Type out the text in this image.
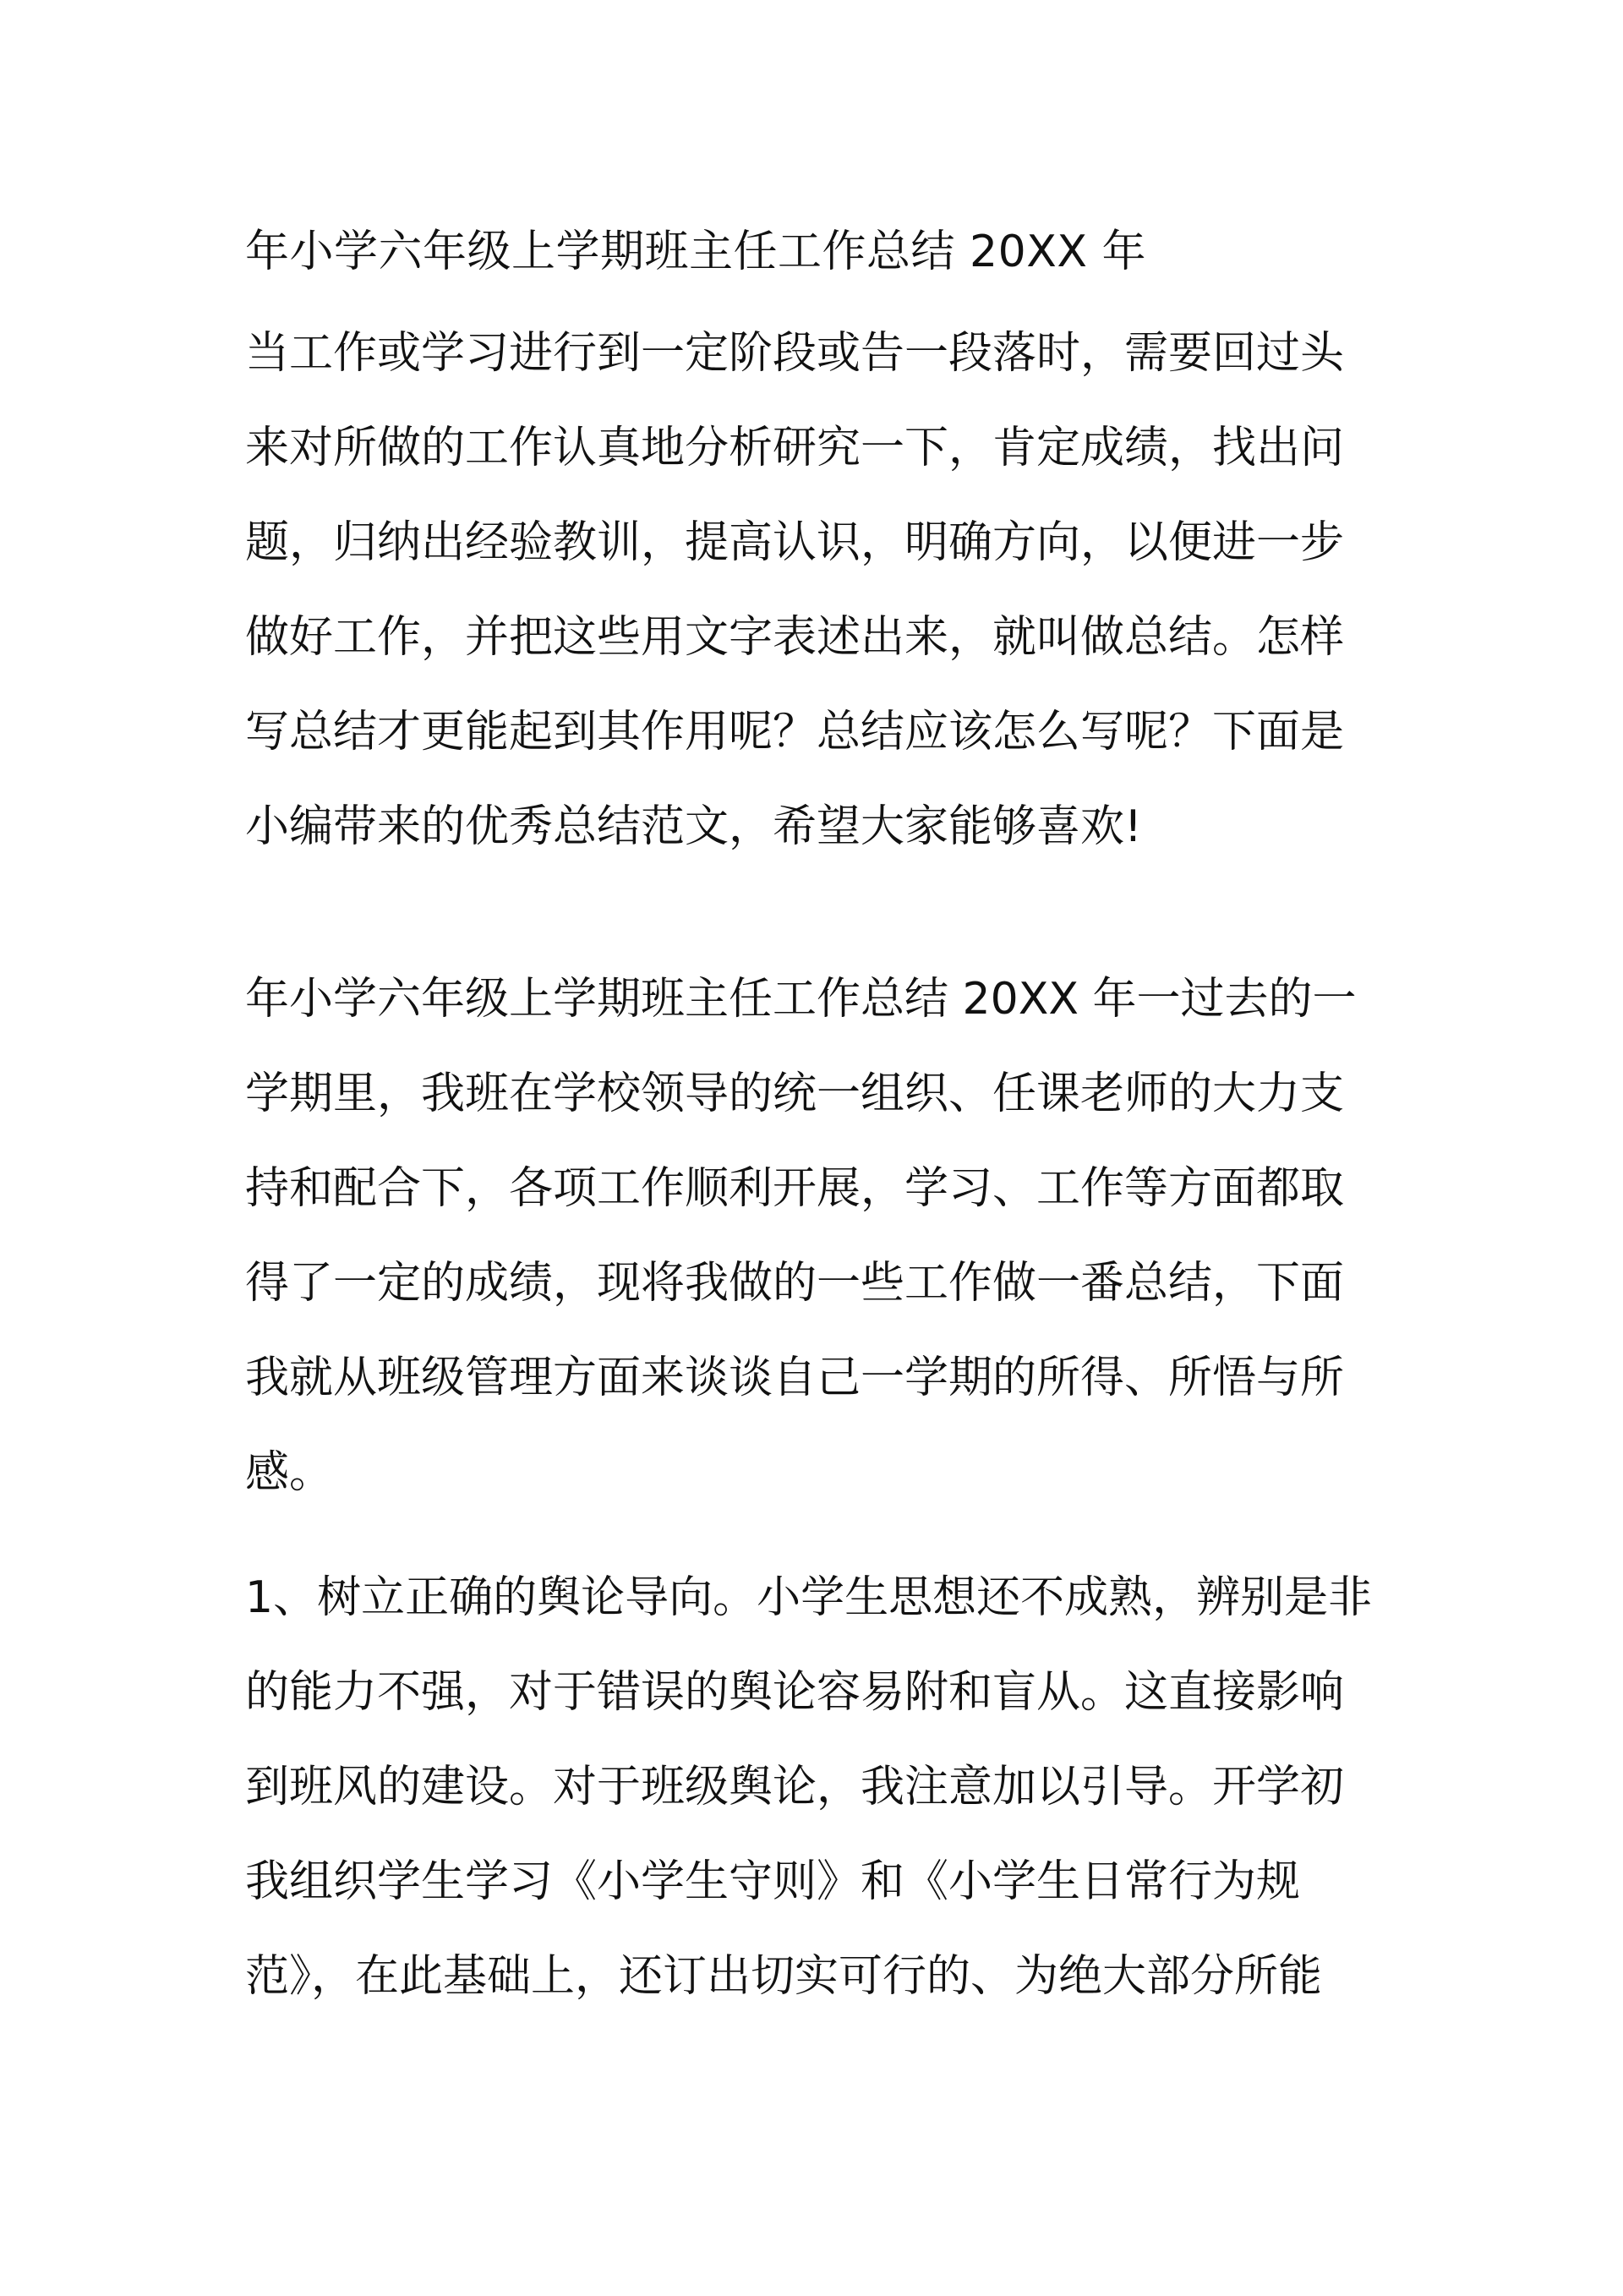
年小学六年级上学期班主任工作总结 20XX 年
当工作或学习进行到一定阶段或告一段落时，需要回过头
来对所做的工作认真地分析研究一下，肯定成绩，找出问
题，归纳出经验教训，提高认识，明确方向，以便进一步
做好工作，并把这些用文字表述出来，就叫做总结。怎样
写总结才更能起到其作用呢？总结应该怎么写呢？下面是
小编带来的优秀总结范文，希望大家能够喜欢!
年小学六年级上学期班主任工作总结 20XX 年一过去的一
学期里，我班在学校领导的统一组织、任课老师的大力支
持和配合下，各项工作顺利开展，学习、工作等方面都取
得了一定的成绩，现将我做的一些工作做一番总结，下面
我就从班级管理方面来谈谈自己一学期的所得、所悟与所
感。
1、树立正确的舆论导向。小学生思想还不成熟，辨别是非
的能力不强，对于错误的舆论容易附和盲从。这直接影响
到班风的建设。对于班级舆论，我注意加以引导。开学初
我组织学生学习《小学生守则》和《小学生日常行为规
范》，在此基础上，还订出切实可行的、为绝大部分所能
